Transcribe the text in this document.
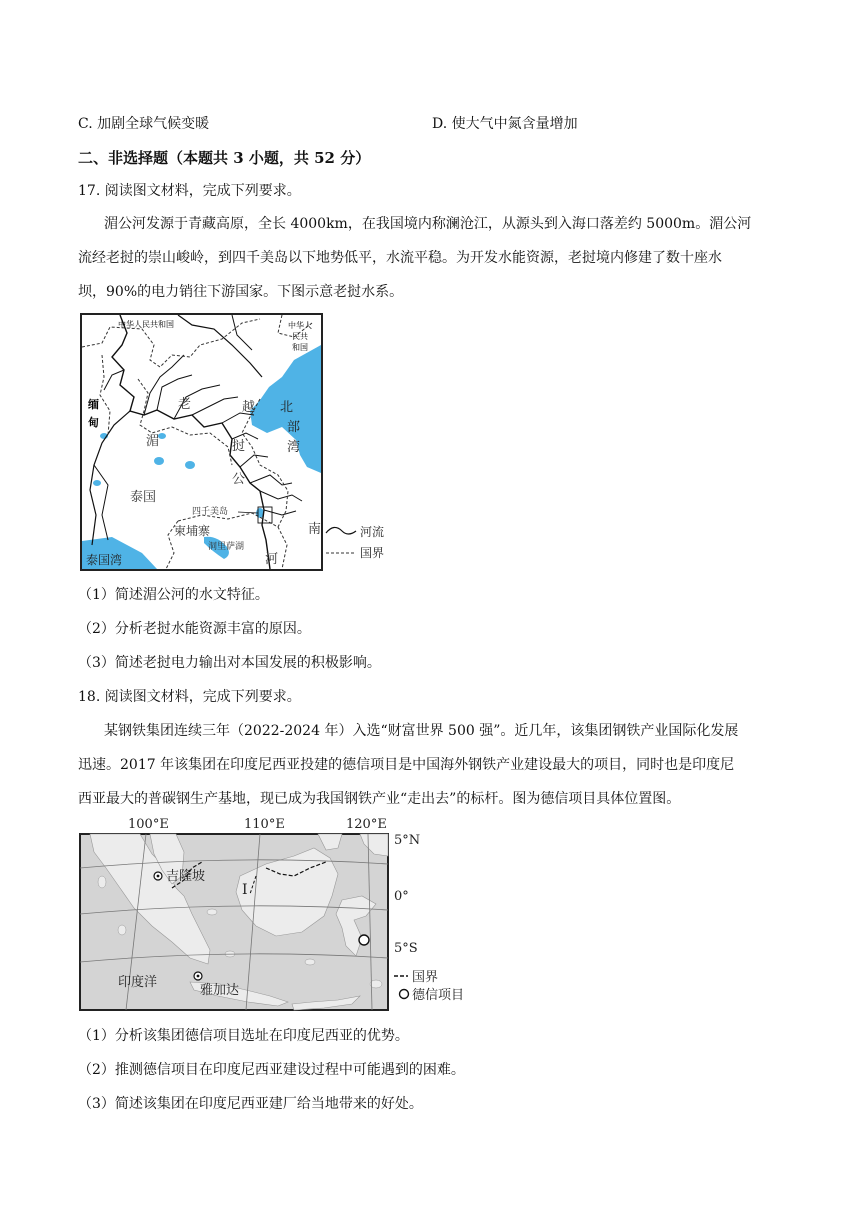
C. 加剧全球气候变暖	D. 使大气中氮含量增加
二、非选择题（本题共 3 小题，共 52 分）
17. 阅读图文材料，完成下列要求。
湄公河发源于青藏高原，全长 4000km，在我国境内称澜沧江，从源头到入海口落差约 5000m。湄公河
流经老挝的崇山峻岭，到四千美岛以下地势低平，水流平稳。为开发水能资源，老挝境内修建了数十座水
坝，90%的电力销往下游国家。下图示意老挝水系。
中华人民共和国	中华人
民共
和国
缅
甸
老	越
湄	挝
公
北
部
湾
泰国
四千美岛
柬埔寨
洞里萨湖
南
河
泰国湾
河流
国界
（1）简述湄公河的水文特征。
（2）分析老挝水能资源丰富的原因。
（3）简述老挝电力输出对本国发展的积极影响。
18. 阅读图文材料，完成下列要求。
某钢铁集团连续三年（2022-2024 年）入选“财富世界 500 强”。近几年，该集团钢铁产业国际化发展
迅速。2017 年该集团在印度尼西亚投建的德信项目是中国海外钢铁产业建设最大的项目，同时也是印度尼
西亚最大的普碳钢生产基地，现已成为我国钢铁产业“走出去”的标杆。图为德信项目具体位置图。
100°E	110°E	120°E
吉隆坡
I
雅加达
印度洋
5°N
0°
5°S
国界
德信项目
（1）分析该集团德信项目选址在印度尼西亚的优势。
（2）推测德信项目在印度尼西亚建设过程中可能遇到的困难。
（3）简述该集团在印度尼西亚建厂给当地带来的好处。
